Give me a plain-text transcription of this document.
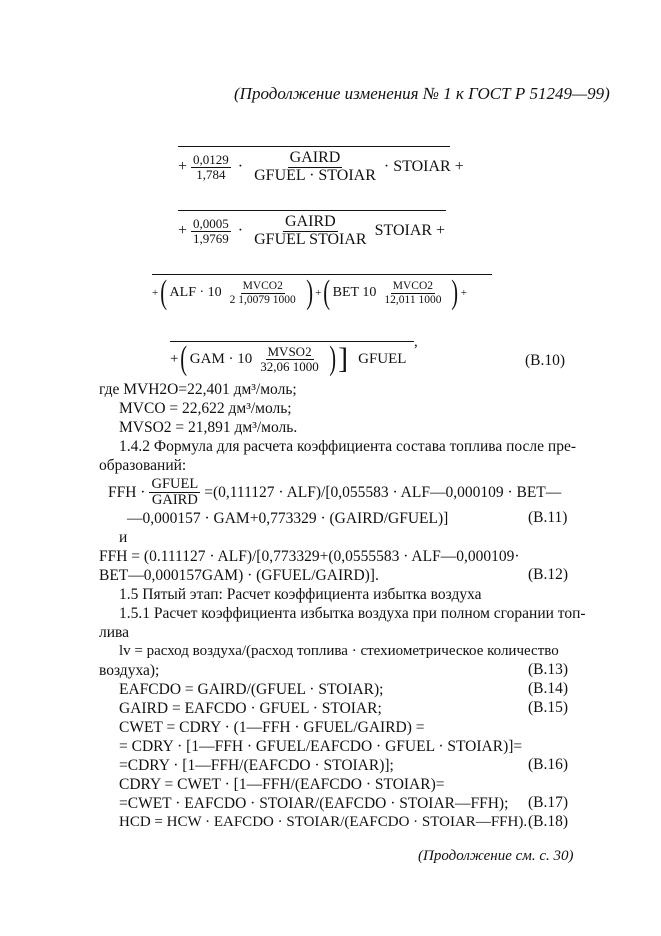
(Продолжение изменения № 1 к ГОСТ Р 51249—99)
+ $\frac{0,0129}{1,784} \cdot \frac{\text{GAIRD}}{\text{GFUEL · STOIAR}}$ · STOIAR +
+ $\frac{0,0005}{1,9769} \cdot \frac{\text{GAIRD}}{\text{GFUEL STOIAR}}$ STOIAR +
+ ( ALF · $10 \frac{\text{MVCO2}}{2 1,0079 1000}$ ) + ( BET $10 \frac{\text{MVCO2}}{12,011 1000}$ ) +
+ ( GAM · $10 \frac{\text{MVSO2}}{32,06 1000}$ ) ] GFUEL
,
(B.10)
где MVH2O=22,401 дм³/моль;
MVCO = 22,622 дм³/моль;
MVSO2 = 21,891 дм³/моль.
1.4.2 Формула для расчета коэффициента состава топлива после пре-
образований:
FFH · $\frac{\text{GFUEL}}{\text{GAIRD}} =(0,111127 \cdot ALF)/[0,055583$ · ALF—0,000109 · BET—
—0,000157 · GAM+0,773329 · (GAIRD/GFUEL)]	(B.11)
и
FFH = (0.111127 · ALF)/[0,773329+(0,0555583 · ALF—0,000109·
BET—0,000157GAM) · (GFUEL/GAIRD)].	(B.12)
1.5 Пятый этап: Расчет коэффициента избытка воздуха
1.5.1 Расчет коэффициента избытка воздуха при полном сгорании топ-
лива
lv = расход воздуха/(расход топлива · стехиометрическое количество
воздуха);	(B.13)
EAFCDO = GAIRD/(GFUEL · STOIAR);	(B.14)
GAIRD = EAFCDO · GFUEL · STOIAR;	(B.15)
CWET = CDRY · (1—FFH · GFUEL/GAIRD) =
= CDRY · [1—FFH · GFUEL/EAFCDO · GFUEL · STOIAR)]=
=CDRY · [1—FFH/(EAFCDO · STOIAR)];	(B.16)
CDRY = CWET · [1—FFH/(EAFCDO · STOIAR)=
=CWET · EAFCDO · STOIAR/(EAFCDO · STOIAR—FFH); (B.17)
HCD = HCW · EAFCDO · STOIAR/(EAFCDO · STOIAR—FFH). (B.18)
(Продолжение см. с. 30)
